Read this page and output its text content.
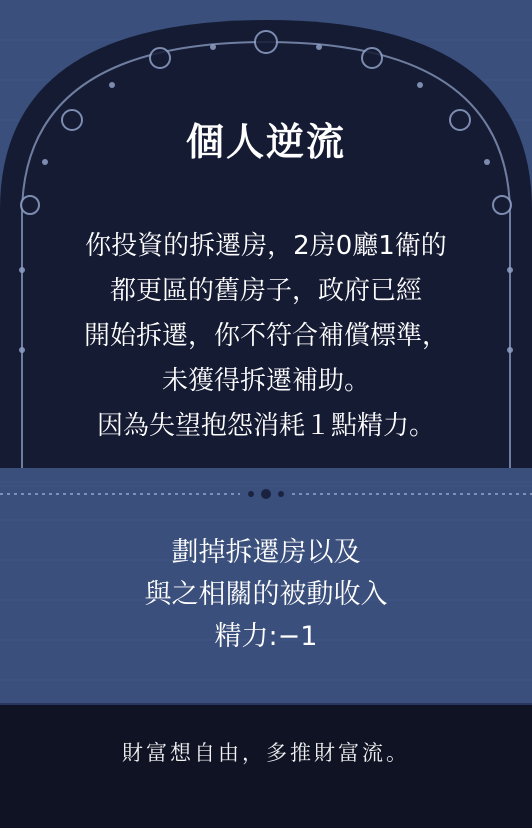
個人逆流
你投資的拆遷房，2房0廳1衛的
都更區的舊房子，政府已經
開始拆遷，你不符合補償標準，
未獲得拆遷補助。
因為失望抱怨消耗１點精力。
劃掉拆遷房以及
與之相關的被動收入
精力:−1
財富想自由，多推財富流。
